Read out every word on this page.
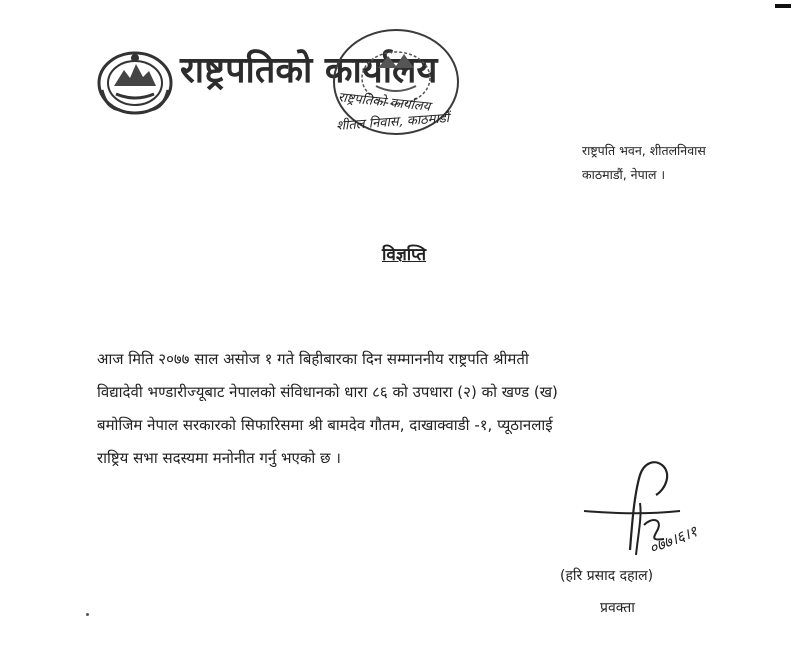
राष्ट्रपतिको कार्यालय
राष्ट्रपतिको कार्यालय
शीतल निवास, काठमाडौं
राष्ट्रपति भवन, शीतलनिवास
काठमाडौं, नेपाल ।
विज्ञप्ति
आज मिति २०७७ साल असोज १ गते बिहीबारका दिन सम्माननीय राष्ट्रपति श्रीमती
विद्यादेवी भण्डारीज्यूबाट नेपालको संविधानको धारा ८६ को उपधारा (२) को खण्ड (ख)
बमोजिम नेपाल सरकारको सिफारिसमा श्री बामदेव गौतम, दाखाक्वाडी -१, प्यूठानलाई
राष्ट्रिय सभा सदस्यमा मनोनीत गर्नु भएको छ ।
०७७।६।१
(हरि प्रसाद दहाल)
प्रवक्ता
